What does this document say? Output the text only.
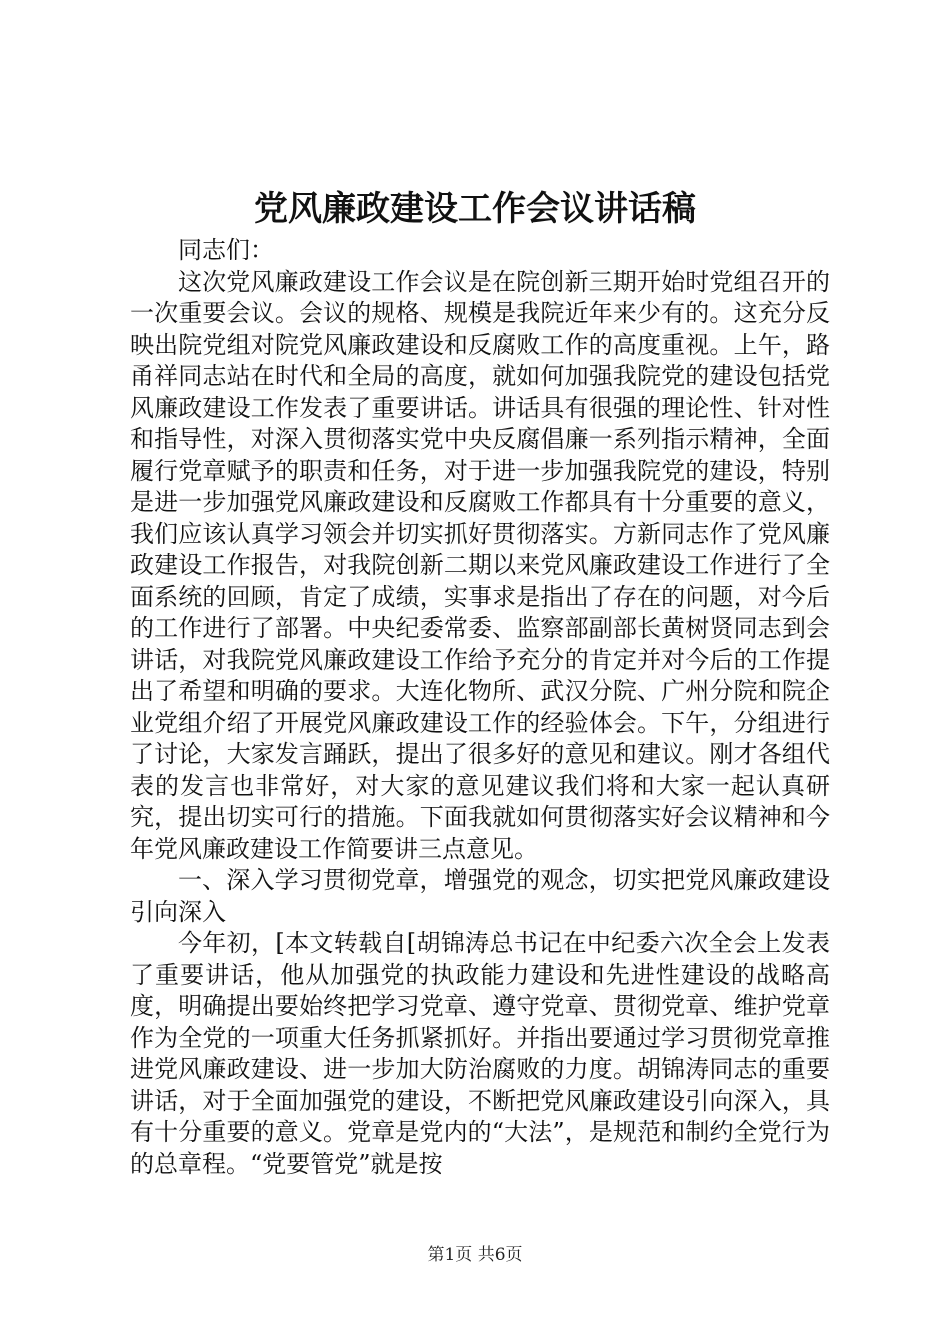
党风廉政建设工作会议讲话稿

同志们：

这次党风廉政建设工作会议是在院创新三期开始时党组召开的一次重要会议。会议的规格、规模是我院近年来少有的。这充分反映出院党组对院党风廉政建设和反腐败工作的高度重视。上午，路甬祥同志站在时代和全局的高度，就如何加强我院党的建设包括党风廉政建设工作发表了重要讲话。讲话具有很强的理论性、针对性和指导性，对深入贯彻落实党中央反腐倡廉一系列指示精神，全面履行党章赋予的职责和任务，对于进一步加强我院党的建设，特别是进一步加强党风廉政建设和反腐败工作都具有十分重要的意义，我们应该认真学习领会并切实抓好贯彻落实。方新同志作了党风廉政建设工作报告，对我院创新二期以来党风廉政建设工作进行了全面系统的回顾，肯定了成绩，实事求是指出了存在的问题，对今后的工作进行了部署。中央纪委常委、监察部副部长黄树贤同志到会讲话，对我院党风廉政建设工作给予充分的肯定并对今后的工作提出了希望和明确的要求。大连化物所、武汉分院、广州分院和院企业党组介绍了开展党风廉政建设工作的经验体会。下午，分组进行了讨论，大家发言踊跃，提出了很多好的意见和建议。刚才各组代表的发言也非常好，对大家的意见建议我们将和大家一起认真研究，提出切实可行的措施。下面我就如何贯彻落实好会议精神和今年党风廉政建设工作简要讲三点意见。

一、深入学习贯彻党章，增强党的观念，切实把党风廉政建设引向深入

今年初，[本文转载自[胡锦涛总书记在中纪委六次全会上发表了重要讲话，他从加强党的执政能力建设和先进性建设的战略高度，明确提出要始终把学习党章、遵守党章、贯彻党章、维护党章作为全党的一项重大任务抓紧抓好。并指出要通过学习贯彻党章推进党风廉政建设、进一步加大防治腐败的力度。胡锦涛同志的重要讲话，对于全面加强党的建设，不断把党风廉政建设引向深入，具有十分重要的意义。党章是党内的“大法”，是规范和制约全党行为的总章程。“党要管党”就是按

第1页 共6页
